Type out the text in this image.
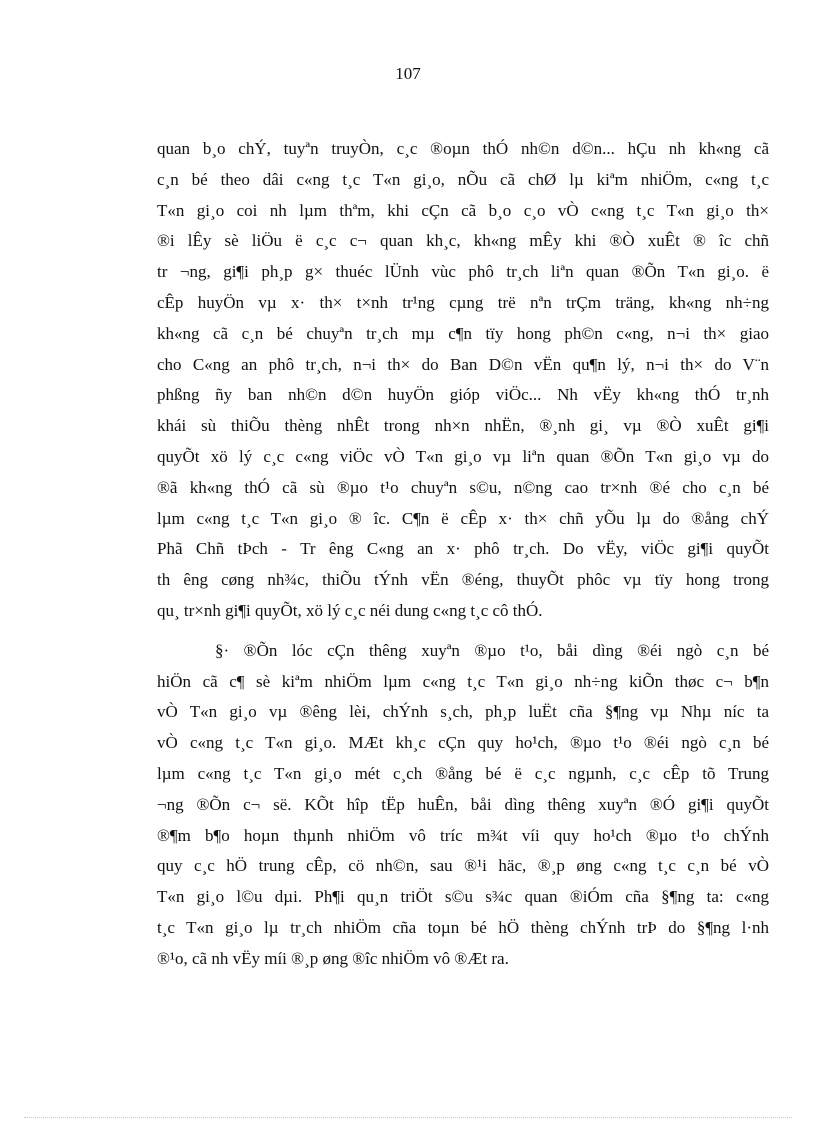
107

quan b¸o chÝ, tuyªn truyÒn, c¸c ®oµn thÓ nh©n d©n... hÇu nh kh«ng cã
c¸n bé theo dâi c«ng t¸c T«n gi¸o, nÕu cã chØ lµ kiªm nhiÖm, c«ng t¸c
T«n gi¸o coi nh lµm thªm, khi cÇn cã b¸o c¸o vÒ c«ng t¸c T«n gi¸o th×
®i lÊy sè liÖu ë c¸c c¬ quan kh¸c, kh«ng mÊy khi ®Ò xuÊt ® îc chñ
tr ¬ng, gi¶i ph¸p g× thuéc lÜnh vùc phô tr¸ch liªn quan ®Õn T«n gi¸o. ë
cÊp huyÖn vµ x· th× t×nh tr¹ng cµng trë nªn trÇm träng, kh«ng nh÷ng
kh«ng cã c¸n bé chuyªn tr¸ch mµ c¶n tïy hong ph©n c«ng, n¬i th× giao
cho C«ng an phô tr¸ch, n¬i th× do Ban D©n vËn qu¶n lý, n¬i th× do V¨n
phßng ñy ban nh©n d©n huyÖn gióp viÖc... Nh vËy kh«ng thÓ tr¸nh
khái sù thiÕu thèng nhÊt trong nh×n nhËn, ®¸nh gi¸ vµ ®Ò xuÊt gi¶i
quyÕt xö lý c¸c c«ng viÖc vÒ T«n gi¸o vµ liªn quan ®Õn T«n gi¸o vµ do
®ã kh«ng thÓ cã sù ®µo t¹o chuyªn s©u, n©ng cao tr×nh ®é cho c¸n bé
lµm c«ng t¸c T«n gi¸o ® îc. C¶n ë cÊp x· th× chñ yÕu lµ do ®ång chÝ
Phã Chñ tÞch - Tr êng C«ng an x· phô tr¸ch. Do vËy, viÖc gi¶i quyÕt
th êng cøng nh¾c, thiÕu tÝnh vËn ®éng, thuyÕt phôc vµ tïy hong trong
qu¸ tr×nh gi¶i quyÕt, xö lý c¸c néi dung c«ng t¸c cô thÓ.

§· ®Õn lóc cÇn thêng xuyªn ®µo t¹o, båi dìng ®éi ngò c¸n bé
hiÖn cã c¶ sè kiªm nhiÖm lµm c«ng t¸c T«n gi¸o nh÷ng kiÕn thøc c¬ b¶n
vÒ T«n gi¸o vµ ®êng lèi, chÝnh s¸ch, ph¸p luËt cña §¶ng vµ Nhµ níc ta
vÒ c«ng t¸c T«n gi¸o. MÆt kh¸c cÇn quy ho¹ch, ®µo t¹o ®éi ngò c¸n bé
lµm c«ng t¸c T«n gi¸o mét c¸ch ®ång bé ë c¸c ngµnh, c¸c cÊp tõ Trung
¬ng ®Õn c¬ së. KÕt hîp tËp huÊn, båi dìng thêng xuyªn ®Ó gi¶i quyÕt
®¶m b¶o hoµn thµnh nhiÖm vô tríc m¾t víi quy ho¹ch ®µo t¹o chÝnh
quy c¸c hÖ trung cÊp, cö nh©n, sau ®¹i häc, ®¸p øng c«ng t¸c c¸n bé vÒ
T«n gi¸o l©u dµi. Ph¶i qu¸n triÖt s©u s¾c quan ®iÓm cña §¶ng ta: c«ng
t¸c T«n gi¸o lµ tr¸ch nhiÖm cña toµn bé hÖ thèng chÝnh trÞ do §¶ng l·nh
®¹o, cã nh vËy míi ®¸p øng ®îc nhiÖm vô ®Æt ra.
